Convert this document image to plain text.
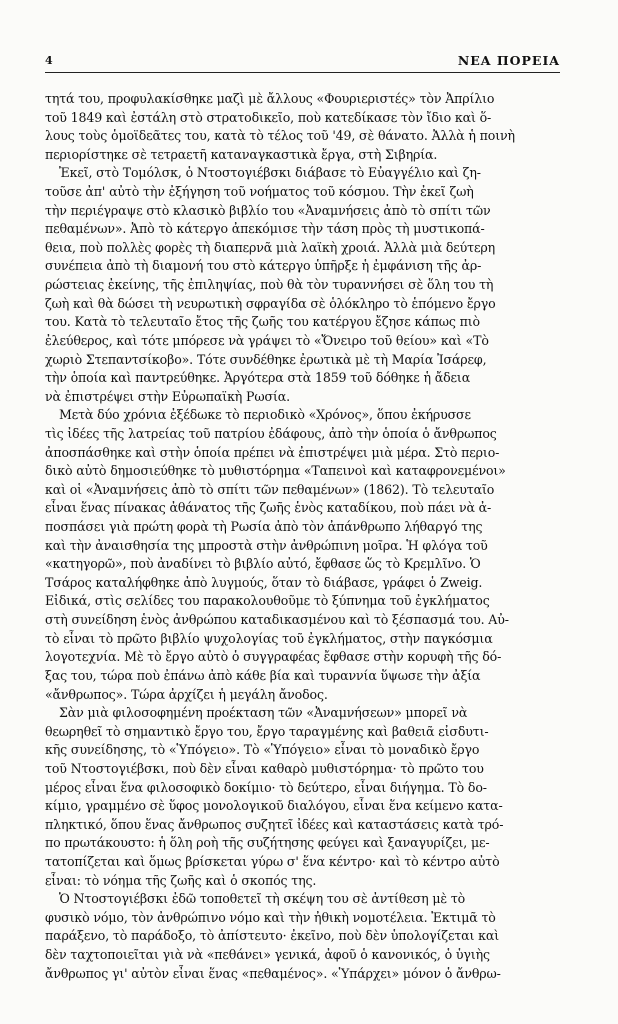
4	ΝΕΑ ΠΟΡΕΙΑ
τητά του, προφυλακίσθηκε μαζὶ μὲ ἄλλους «Φουριεριστές» τὸν Ἀπρίλιο
τοῦ 1849 καὶ ἐστάλη στὸ στρατοδικεῖο, ποὺ κατεδίκασε τὸν ἴδιο καὶ ὅ-
λους τοὺς ὁμοϊδεᾶτες του, κατὰ τὸ τέλος τοῦ '49, σὲ θάνατο. Ἀλλὰ ἡ ποινὴ
περιορίστηκε σὲ τετραετῆ καταναγκαστικὰ ἔργα, στὴ Σιβηρία.
Ἐκεῖ, στὸ Τομόλσκ, ὁ Ντοστογιέβσκι διάβασε τὸ Εὐαγγέλιο καὶ ζη-
τοῦσε ἀπ' αὐτὸ τὴν ἐξήγηση τοῦ νοήματος τοῦ κόσμου. Τὴν ἐκεῖ ζωὴ
τὴν περιέγραψε στὸ κλασικὸ βιβλίο του «Ἀναμνήσεις ἀπὸ τὸ σπίτι τῶν
πεθαμένων». Ἀπὸ τὸ κάτεργο ἀπεκόμισε τὴν τάση πρὸς τὴ μυστικοπά-
θεια, ποὺ πολλὲς φορὲς τὴ διαπερνᾶ μιὰ λαϊκὴ χροιά. Ἀλλὰ μιὰ δεύτερη
συνέπεια ἀπὸ τὴ διαμονή του στὸ κάτεργο ὑπῆρξε ἡ ἐμφάνιση τῆς ἀρ-
ρώστειας ἐκείνης, τῆς ἐπιληψίας, ποὺ θὰ τὸν τυραννήσει σὲ ὅλη του τὴ
ζωὴ καὶ θὰ δώσει τὴ νευρωτικὴ σφραγίδα σὲ ὁλόκληρο τὸ ἑπόμενο ἔργο
του. Κατὰ τὸ τελευταῖο ἔτος τῆς ζωῆς του κατέργου ἔζησε κάπως πιὸ
ἐλεύθερος, καὶ τότε μπόρεσε νὰ γράψει τὸ «Ὄνειρο τοῦ θείου» καὶ «Τὸ
χωριὸ Στεπαντσίκοβο». Τότε συνδέθηκε ἐρωτικὰ μὲ τὴ Μαρία Ἰσάρεφ,
τὴν ὁποία καὶ παντρεύθηκε. Ἀργότερα στὰ 1859 τοῦ δόθηκε ἡ ἄδεια
νὰ ἐπιστρέψει στὴν Εὐρωπαϊκὴ Ρωσία.
Μετὰ δύο χρόνια ἐξέδωκε τὸ περιοδικὸ «Χρόνος», ὅπου ἐκήρυσσε
τὶς ἰδέες τῆς λατρείας τοῦ πατρίου ἐδάφους, ἀπὸ τὴν ὁποία ὁ ἄνθρωπος
ἀποσπάσθηκε καὶ στὴν ὁποία πρέπει νὰ ἐπιστρέψει μιὰ μέρα. Στὸ περιο-
δικὸ αὐτὸ δημοσιεύθηκε τὸ μυθιστόρημα «Ταπεινοὶ καὶ καταφρονεμένοι»
καὶ οἱ «Ἀναμνήσεις ἀπὸ τὸ σπίτι τῶν πεθαμένων» (1862). Τὸ τελευταῖο
εἶναι ἕνας πίνακας ἀθάνατος τῆς ζωῆς ἑνὸς καταδίκου, ποὺ πάει νὰ ἀ-
ποσπάσει γιὰ πρώτη φορὰ τὴ Ρωσία ἀπὸ τὸν ἀπάνθρωπο λήθαργό της
καὶ τὴν ἀναισθησία της μπροστὰ στὴν ἀνθρώπινη μοῖρα. Ἡ φλόγα τοῦ
«κατηγορῶ», ποὺ ἀναδίνει τὸ βιβλίο αὐτό, ἔφθασε ὥς τὸ Κρεμλῖνο. Ὁ
Τσάρος καταλήφθηκε ἀπὸ λυγμούς, ὅταν τὸ διάβασε, γράφει ὁ Zweig.
Εἰδικά, στὶς σελίδες του παρακολουθοῦμε τὸ ξύπνημα τοῦ ἐγκλήματος
στὴ συνείδηση ἑνὸς ἀνθρώπου καταδικασμένου καὶ τὸ ξέσπασμά του. Αὐ-
τὸ εἶναι τὸ πρῶτο βιβλίο ψυχολογίας τοῦ ἐγκλήματος, στὴν παγκόσμια
λογοτεχνία. Μὲ τὸ ἔργο αὐτὸ ὁ συγγραφέας ἔφθασε στὴν κορυφὴ τῆς δό-
ξας του, τώρα ποὺ ἐπάνω ἀπὸ κάθε βία καὶ τυραννία ὕψωσε τὴν ἀξία
«ἄνθρωπος». Τώρα ἀρχίζει ἡ μεγάλη ἄνοδος.
Σὰν μιὰ φιλοσοφημένη προέκταση τῶν «Ἀναμνήσεων» μπορεῖ νὰ
θεωρηθεῖ τὸ σημαντικὸ ἔργο του, ἔργο ταραγμένης καὶ βαθειᾶ εἰσδυτι-
κῆς συνείδησης, τὸ «Ὑπόγειο». Τὸ «Ὑπόγειο» εἶναι τὸ μοναδικὸ ἔργο
τοῦ Ντοστογιέβσκι, ποὺ δὲν εἶναι καθαρὸ μυθιστόρημα· τὸ πρῶτο του
μέρος εἶναι ἕνα φιλοσοφικὸ δοκίμιο· τὸ δεύτερο, εἶναι διήγημα. Τὸ δο-
κίμιο, γραμμένο σὲ ὕφος μονολογικοῦ διαλόγου, εἶναι ἕνα κείμενο κατα-
πληκτικό, ὅπου ἕνας ἄνθρωπος συζητεῖ ἰδέες καὶ καταστάσεις κατὰ τρό-
πο πρωτάκουστο: ἡ ὅλη ροὴ τῆς συζήτησης φεύγει καὶ ξαναγυρίζει, με-
τατοπίζεται καὶ ὅμως βρίσκεται γύρω σ' ἕνα κέντρο· καὶ τὸ κέντρο αὐτὸ
εἶναι: τὸ νόημα τῆς ζωῆς καὶ ὁ σκοπός της.
Ὁ Ντοστογιέβσκι ἐδῶ τοποθετεῖ τὴ σκέψη του σὲ ἀντίθεση μὲ τὸ
φυσικὸ νόμο, τὸν ἀνθρώπινο νόμο καὶ τὴν ἠθικὴ νομοτέλεια. Ἐκτιμᾶ τὸ
παράξενο, τὸ παράδοξο, τὸ ἀπίστευτο· ἐκεῖνο, ποὺ δὲν ὑπολογίζεται καὶ
δὲν ταχτοποιεῖται γιὰ νὰ «πεθάνει» γενικά, ἀφοῦ ὁ κανονικός, ὁ ὑγιὴς
ἄνθρωπος γι' αὐτὸν εἶναι ἕνας «πεθαμένος». «Ὑπάρχει» μόνον ὁ ἄνθρω-
